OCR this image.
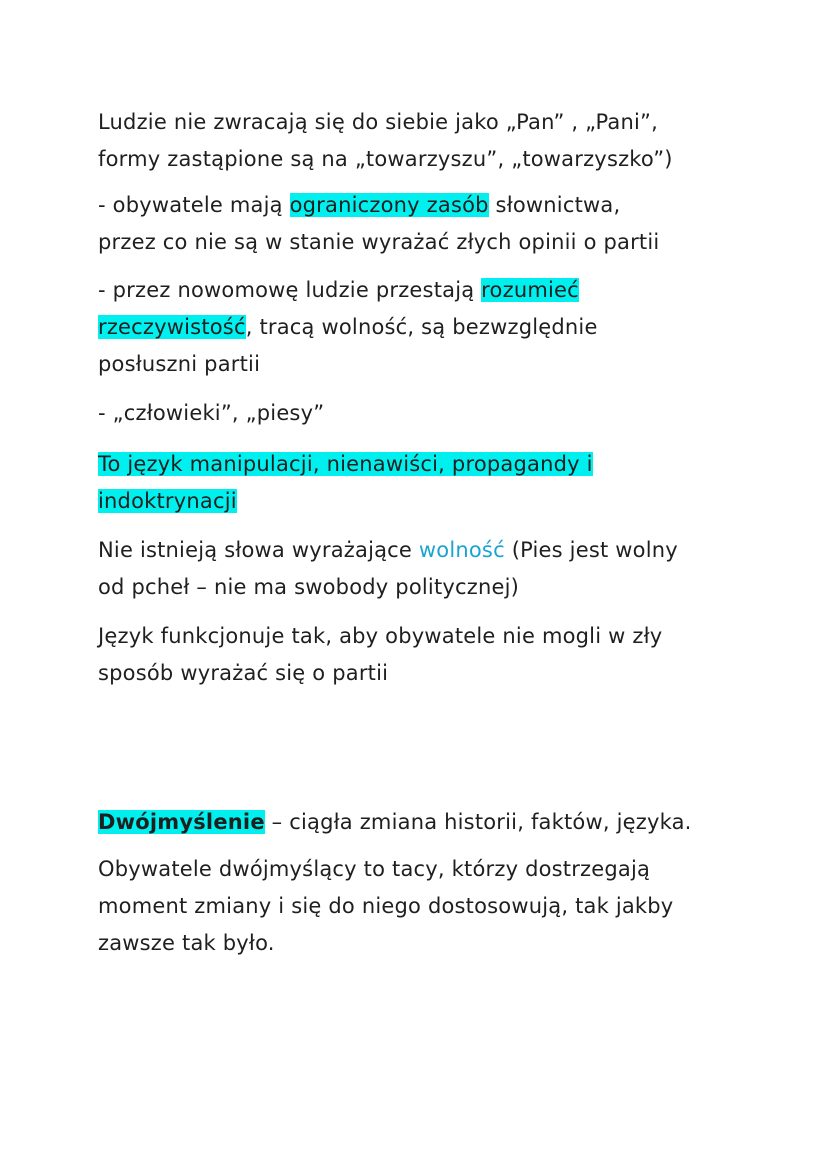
Ludzie nie zwracają się do siebie jako „Pan” , „Pani”,
formy zastąpione są na „towarzyszu”, „towarzyszko”)

- obywatele mają ograniczony zasób słownictwa,
przez co nie są w stanie wyrażać złych opinii o partii

- przez nowomowę ludzie przestają rozumieć
rzeczywistość, tracą wolność, są bezwzględnie
posłuszni partii

- „człowieki”, „piesy”

To język manipulacji, nienawiści, propagandy i
indoktrynacji

Nie istnieją słowa wyrażające wolność (Pies jest wolny
od pcheł – nie ma swobody politycznej)

Język funkcjonuje tak, aby obywatele nie mogli w zły
sposób wyrażać się o partii

Dwójmyślenie – ciągła zmiana historii, faktów, języka.

Obywatele dwójmyślący to tacy, którzy dostrzegają
moment zmiany i się do niego dostosowują, tak jakby
zawsze tak było.
